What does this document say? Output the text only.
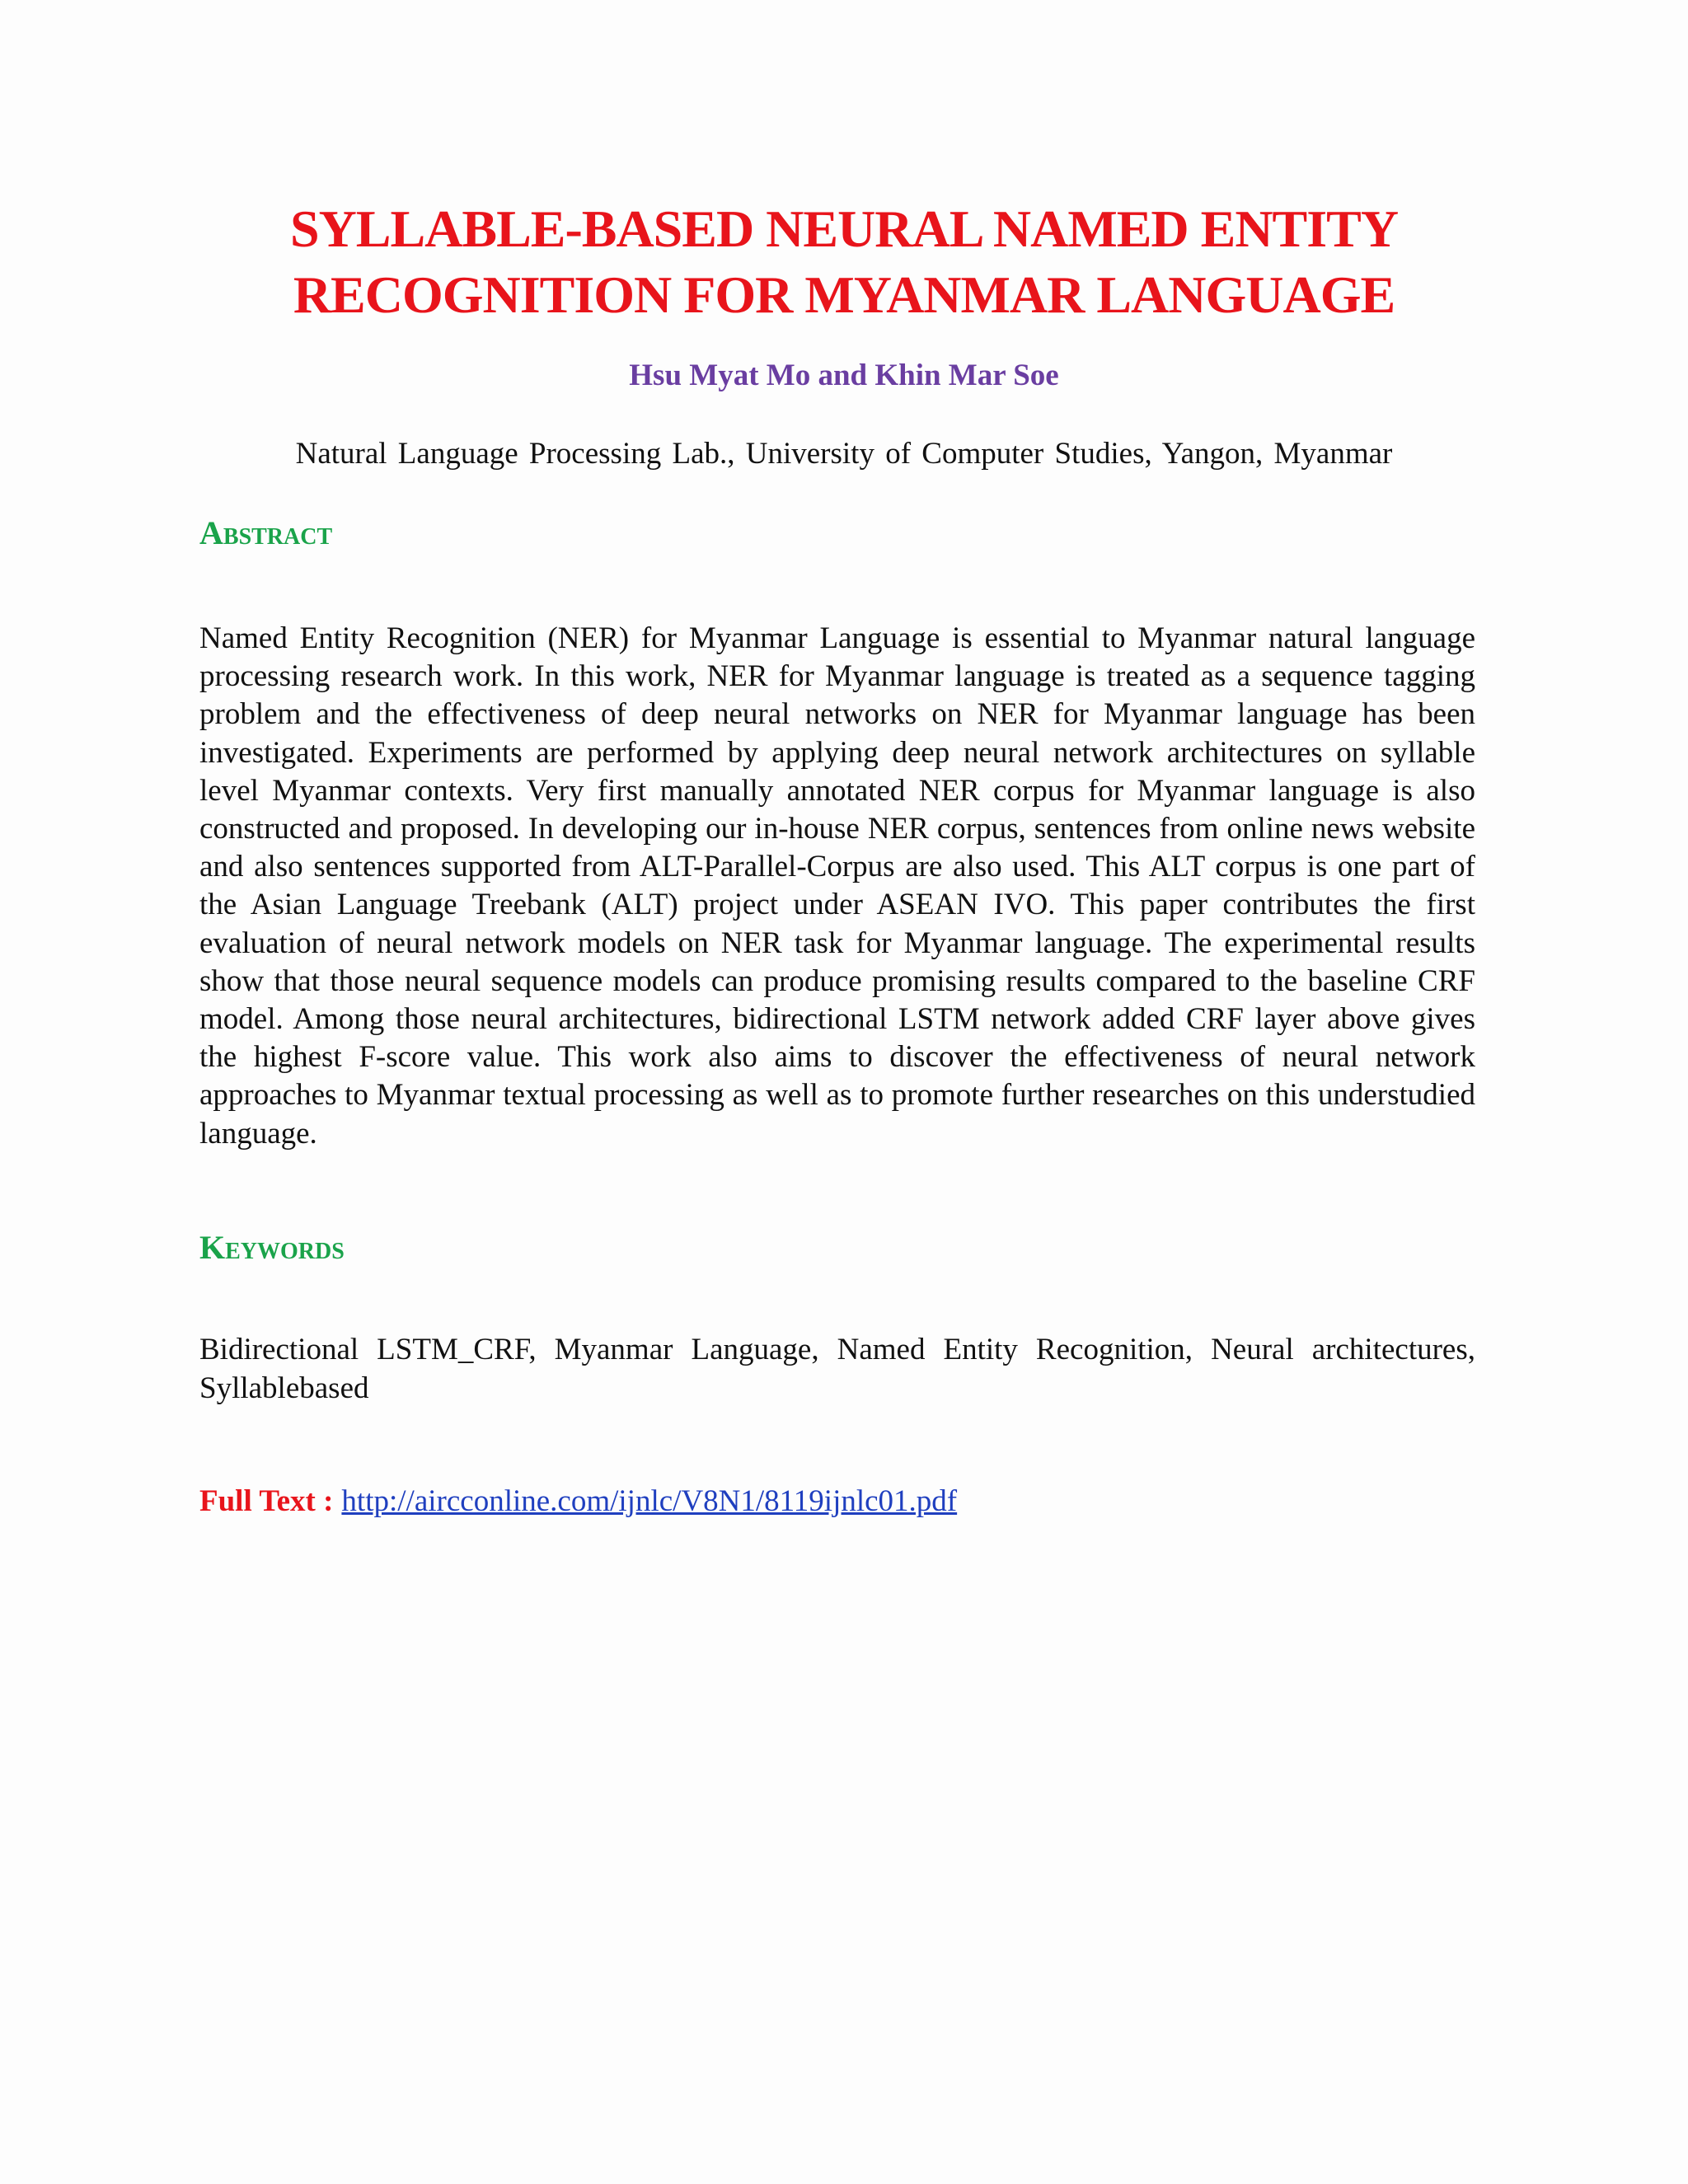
SYLLABLE-BASED NEURAL NAMED ENTITY
RECOGNITION FOR MYANMAR LANGUAGE
Hsu Myat Mo and Khin Mar Soe
Natural Language Processing Lab., University of Computer Studies, Yangon, Myanmar
Abstract
Named Entity Recognition (NER) for Myanmar Language is essential to Myanmar natural language processing research work. In this work, NER for Myanmar language is treated as a sequence tagging problem and the effectiveness of deep neural networks on NER for Myanmar language has been investigated. Experiments are performed by applying deep neural network architectures on syllable level Myanmar contexts. Very first manually annotated NER corpus for Myanmar language is also constructed and proposed. In developing our in-house NER corpus, sentences from online news website and also sentences supported from ALT-Parallel-Corpus are also used. This ALT corpus is one part of the Asian Language Treebank (ALT) project under ASEAN IVO. This paper contributes the first evaluation of neural network models on NER task for Myanmar language. The experimental results show that those neural sequence models can produce promising results compared to the baseline CRF model. Among those neural architectures, bidirectional LSTM network added CRF layer above gives the highest F-score value. This work also aims to discover the effectiveness of neural network approaches to Myanmar textual processing as well as to promote further researches on this understudied language.
Keywords
Bidirectional LSTM_CRF, Myanmar Language, Named Entity Recognition, Neural architectures, Syllablebased
Full Text : http://aircconline.com/ijnlc/V8N1/8119ijnlc01.pdf
